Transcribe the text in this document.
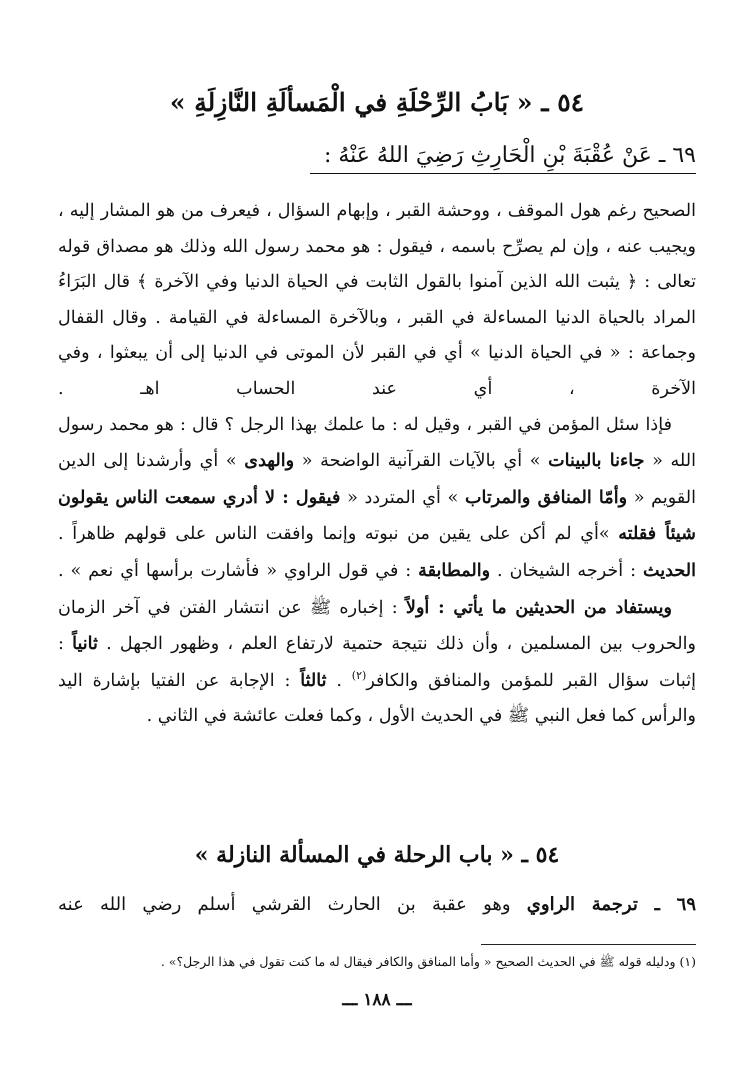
٥٤ ـ « بَابُ الرِّحْلَةِ في الْمَسألَةِ النَّازِلَةِ »
٦٩ ـ عَنْ عُقْبَةَ بْنِ الْحَارِثِ رَضِيَ اللهُ عَنْهُ :

الصحيح رغم هول الموقف ، ووحشة القبر ، وإبهام السؤال ، فيعرف من هو المشار إليه ، ويجيب عنه ، وإن لم يصرِّح باسمه ، فيقول : هو محمد رسول الله وذلك هو مصداق قوله تعالى : ﴿ يثبت الله الذين آمنوا بالقول الثابت في الحياة الدنيا وفي الآخرة ﴾ قال البَرَاءُ المراد بالحياة الدنيا المساءلة في القبر ، وبالآخرة المساءلة في القيامة . وقال القفال وجماعة : « في الحياة الدنيا » أي في القبر لأن الموتى في الدنيا إلى أن يبعثوا ، وفي الآخرة ، أي عند الحساب اهـ .

فإذا سئل المؤمن في القبر ، وقيل له : ما علمك بهذا الرجل ؟ قال : هو محمد رسول الله « جاءنا بالبينات » أي بالآيات القرآنية الواضحة « والهدى » أي وأرشدنا إلى الدين القويم « وأمّا المنافق والمرتاب » أي المتردد « فيقول : لا أدري سمعت الناس يقولون شيئاً فقلته »أي لم أكن على يقين من نبوته وإنما وافقت الناس على قولهم ظاهراً . الحديث : أخرجه الشيخان . والمطابقة : في قول الراوي « فأشارت برأسها أي نعم » .

ويستفاد من الحديثين ما يأتي : أولاً : إخباره ﷺ عن انتشار الفتن في آخر الزمان والحروب بين المسلمين ، وأن ذلك نتيجة حتمية لارتفاع العلم ، وظهور الجهل . ثانياً : إثبات سؤال القبر للمؤمن والمنافق والكافر$^{(٢)}$ . ثالثاً : الإجابة عن الفتيا بإشارة اليد والرأس كما فعل النبي ﷺ في الحديث الأول ، وكما فعلت عائشة في الثاني .

٥٤ ـ « باب الرحلة في المسألة النازلة »
٦٩ ـ ترجمة الراوي وهو عقبة بن الحارث القرشي أسلم رضي الله عنه
(١) ودليله قوله ﷺ في الحديث الصحيح « وأما المنافق والكافر فيقال له ما كنت تقول في هذا الرجل؟» .
ـــ ١٨٨ ـــ
